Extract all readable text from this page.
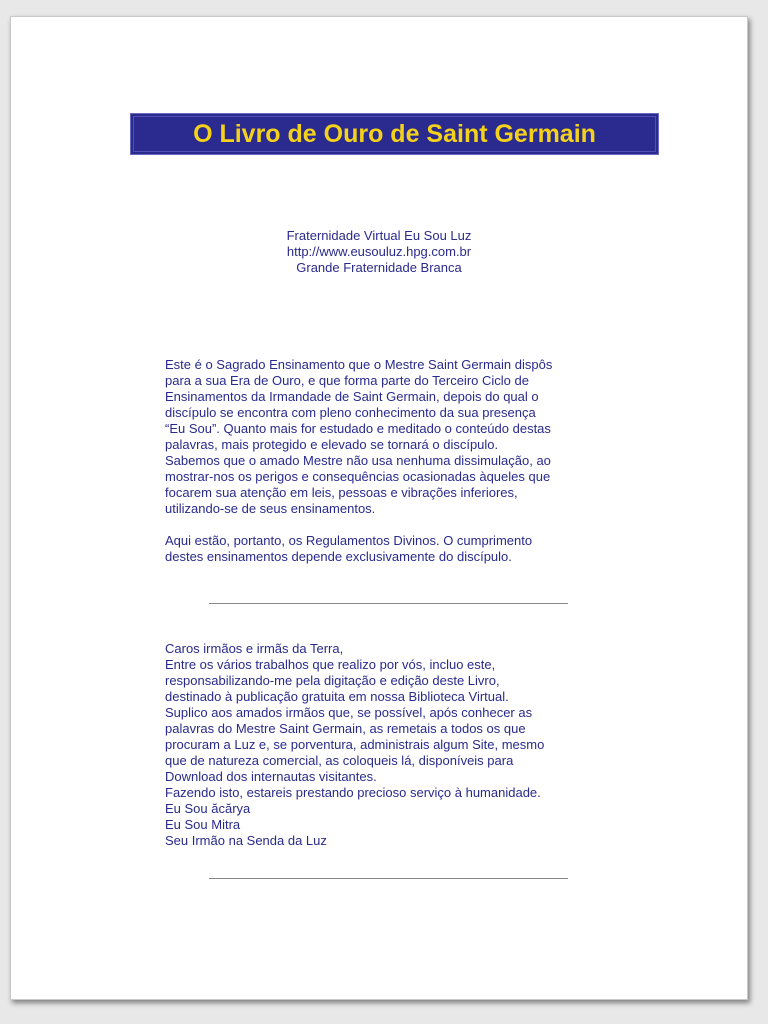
O Livro de Ouro de Saint Germain
Fraternidade Virtual Eu Sou Luz
http://www.eusouluz.hpg.com.br
Grande Fraternidade Branca

Este é o Sagrado Ensinamento que o Mestre Saint Germain dispôs
para a sua Era de Ouro, e que forma parte do Terceiro Ciclo de
Ensinamentos da Irmandade de Saint Germain, depois do qual o
discípulo se encontra com pleno conhecimento da sua presença
“Eu Sou”. Quanto mais for estudado e meditado o conteúdo destas
palavras, mais protegido e elevado se tornará o discípulo.
Sabemos que o amado Mestre não usa nenhuma dissimulação, ao
mostrar-nos os perigos e consequências ocasionadas àqueles que
focarem sua atenção em leis, pessoas e vibrações inferiores,
utilizando-se de seus ensinamentos.

Aqui estão, portanto, os Regulamentos Divinos. O cumprimento
destes ensinamentos depende exclusivamente do discípulo.

Caros irmãos e irmãs da Terra,
Entre os vários trabalhos que realizo por vós, incluo este,
responsabilizando-me pela digitação e edição deste Livro,
destinado à publicação gratuita em nossa Biblioteca Virtual.
Suplico aos amados irmãos que, se possível, após conhecer as
palavras do Mestre Saint Germain, as remetais a todos os que
procuram a Luz e, se porventura, administrais algum Site, mesmo
que de natureza comercial, as coloqueis lá, disponíveis para
Download dos internautas visitantes.
Fazendo isto, estareis prestando precioso serviço à humanidade.
Eu Sou ăcărya
Eu Sou Mitra
Seu Irmão na Senda da Luz
